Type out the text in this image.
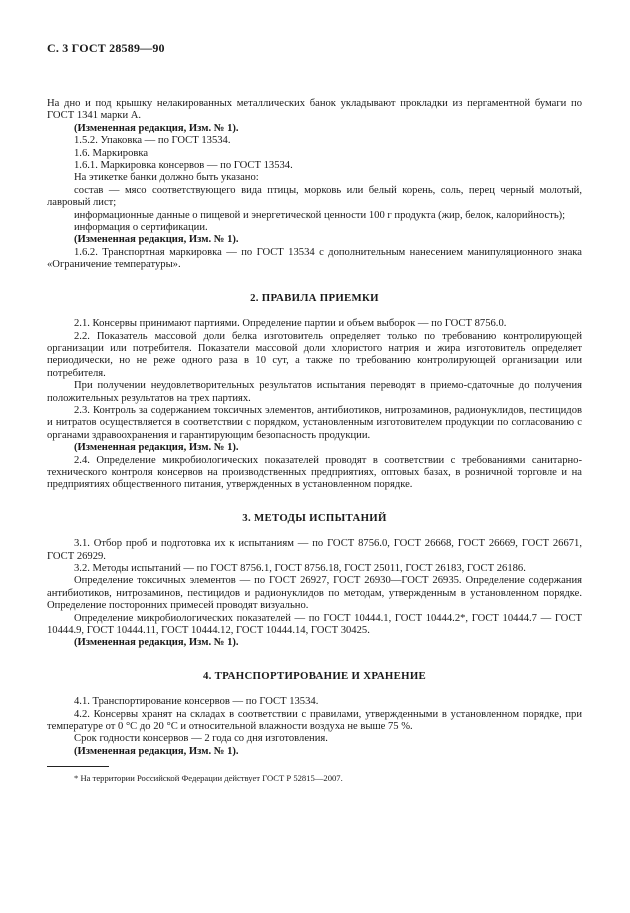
С. 3 ГОСТ 28589—90

На дно и под крышку нелакированных металлических банок укладывают прокладки из пергаментной бумаги по ГОСТ 1341 марки А.

(Измененная редакция, Изм. № 1).

1.5.2. Упаковка — по ГОСТ 13534.

1.6. Маркировка

1.6.1. Маркировка консервов — по ГОСТ 13534.

На этикетке банки должно быть указано:

состав — мясо соответствующего вида птицы, морковь или белый корень, соль, перец черный молотый, лавровый лист;

информационные данные о пищевой и энергетической ценности 100 г продукта (жир, белок, калорийность);

информация о сертификации.

(Измененная редакция, Изм. № 1).

1.6.2. Транспортная маркировка — по ГОСТ 13534 с дополнительным нанесением манипуляционного знака «Ограничение температуры».

2. ПРАВИЛА ПРИЕМКИ

2.1. Консервы принимают партиями. Определение партии и объем выборок — по ГОСТ 8756.0.

2.2. Показатель массовой доли белка изготовитель определяет только по требованию контролирующей организации или потребителя. Показатели массовой доли хлористого натрия и жира изготовитель определяет периодически, но не реже одного раза в 10 сут, а также по требованию контролирующей организации или потребителя.

При получении неудовлетворительных результатов испытания переводят в приемо-сдаточные до получения положительных результатов на трех партиях.

2.3. Контроль за содержанием токсичных элементов, антибиотиков, нитрозаминов, радионуклидов, пестицидов и нитратов осуществляется в соответствии с порядком, установленным изготовителем продукции по согласованию с органами здравоохранения и гарантирующим безопасность продукции.

(Измененная редакция, Изм. № 1).

2.4. Определение микробиологических показателей проводят в соответствии с требованиями санитарно-технического контроля консервов на производственных предприятиях, оптовых базах, в розничной торговле и на предприятиях общественного питания, утвержденных в установленном порядке.

3. МЕТОДЫ ИСПЫТАНИЙ

3.1. Отбор проб и подготовка их к испытаниям — по ГОСТ 8756.0, ГОСТ 26668, ГОСТ 26669, ГОСТ 26671, ГОСТ 26929.

3.2. Методы испытаний — по ГОСТ 8756.1, ГОСТ 8756.18, ГОСТ 25011, ГОСТ 26183, ГОСТ 26186.

Определение токсичных элементов — по ГОСТ 26927, ГОСТ 26930—ГОСТ 26935. Определение содержания антибиотиков, нитрозаминов, пестицидов и радионуклидов по методам, утвержденным в установленном порядке. Определение посторонних примесей проводят визуально.

Определение микробиологических показателей — по ГОСТ 10444.1, ГОСТ 10444.2*, ГОСТ 10444.7 — ГОСТ 10444.9, ГОСТ 10444.11, ГОСТ 10444.12, ГОСТ 10444.14, ГОСТ 30425.

(Измененная редакция, Изм. № 1).

4. ТРАНСПОРТИРОВАНИЕ И ХРАНЕНИЕ

4.1. Транспортирование консервов — по ГОСТ 13534.

4.2. Консервы хранят на складах в соответствии с правилами, утвержденными в установленном порядке, при температуре от 0 °С до 20 °С и относительной влажности воздуха не выше 75 %.

Срок годности консервов — 2 года со дня изготовления.

(Измененная редакция, Изм. № 1).

* На территории Российской Федерации действует ГОСТ Р 52815—2007.
